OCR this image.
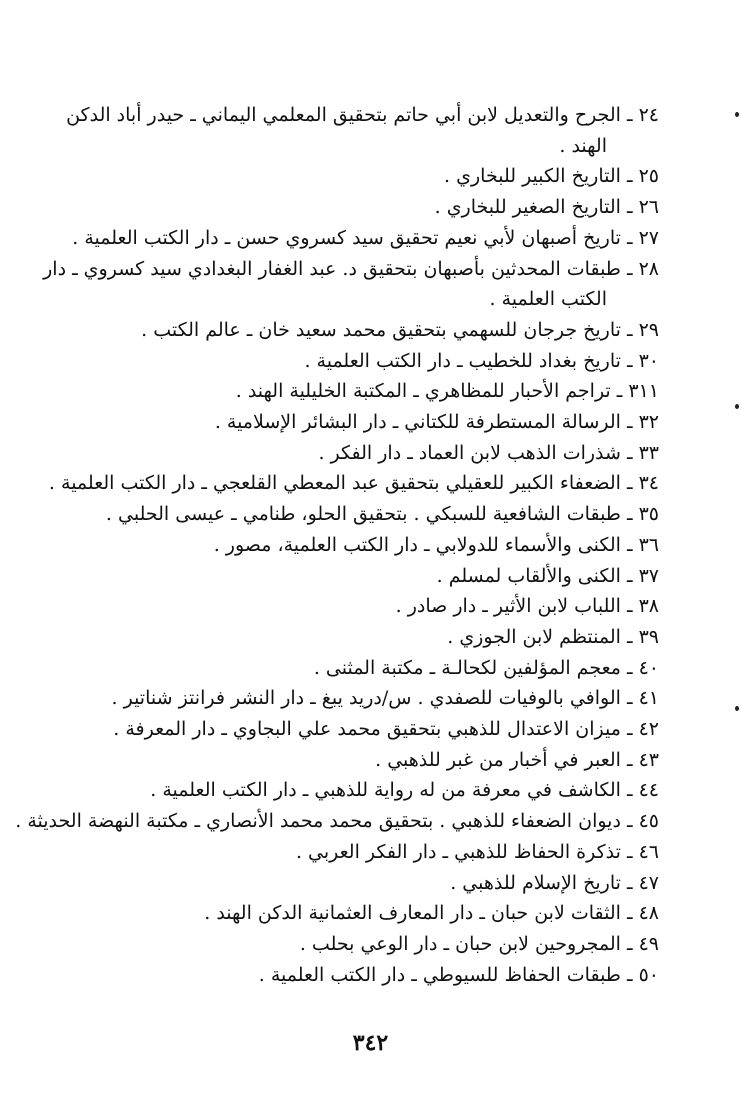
٢٤ ـ الجرح والتعديل لابن أبي حاتم بتحقيق المعلمي اليماني ـ حيدر أباد الدكن
الهند .
٢٥ ـ التاريخ الكبير للبخاري .
٢٦ ـ التاريخ الصغير للبخاري .
٢٧ ـ تاريخ أصبهان لأبي نعيم تحقيق سيد كسروي حسن ـ دار الكتب العلمية .
٢٨ ـ طبقات المحدثين بأصبهان بتحقيق د. عبد الغفار البغدادي سيد كسروي ـ دار
الكتب العلمية .
٢٩ ـ تاريخ جرجان للسهمي بتحقيق محمد سعيد خان ـ عالم الكتب .
٣٠ ـ تاريخ بغداد للخطيب ـ دار الكتب العلمية .
٣١١ ـ تراجم الأحبار للمظاهري ـ المكتبة الخليلية الهند .
٣٢ ـ الرسالة المستطرفة للكتاني ـ دار البشائر الإسلامية .
٣٣ ـ شذرات الذهب لابن العماد ـ دار الفكر .
٣٤ ـ الضعفاء الكبير للعقيلي بتحقيق عبد المعطي القلعجي ـ دار الكتب العلمية .
٣٥ ـ طبقات الشافعية للسبكي . بتحقيق الحلو، طنامي ـ عيسى الحلبي .
٣٦ ـ الكنى والأسماء للدولابي ـ دار الكتب العلمية، مصور .
٣٧ ـ الكنى والألقاب لمسلم .
٣٨ ـ اللباب لابن الأثير ـ دار صادر .
٣٩ ـ المنتظم لابن الجوزي .
٤٠ ـ معجم المؤلفين لكحالـة ـ مكتبة المثنى .
٤١ ـ الوافي بالوفيات للصفدي . س/دريد يبغ ـ دار النشر فرانتز شناتير .
٤٢ ـ ميزان الاعتدال للذهبي بتحقيق محمد علي البجاوي ـ دار المعرفة .
٤٣ ـ العبر في أخبار من غبر للذهبي .
٤٤ ـ الكاشف في معرفة من له رواية للذهبي ـ دار الكتب العلمية .
٤٥ ـ ديوان الضعفاء للذهبي . بتحقيق محمد محمد الأنصاري ـ مكتبة النهضة الحديثة .
٤٦ ـ تذكرة الحفاظ للذهبي ـ دار الفكر العربي .
٤٧ ـ تاريخ الإسلام للذهبي .
٤٨ ـ الثقات لابن حبان ـ دار المعارف العثمانية الدكن الهند .
٤٩ ـ المجروحين لابن حبان ـ دار الوعي بحلب .
٥٠ ـ طبقات الحفاظ للسيوطي ـ دار الكتب العلمية .
٣٤٢
